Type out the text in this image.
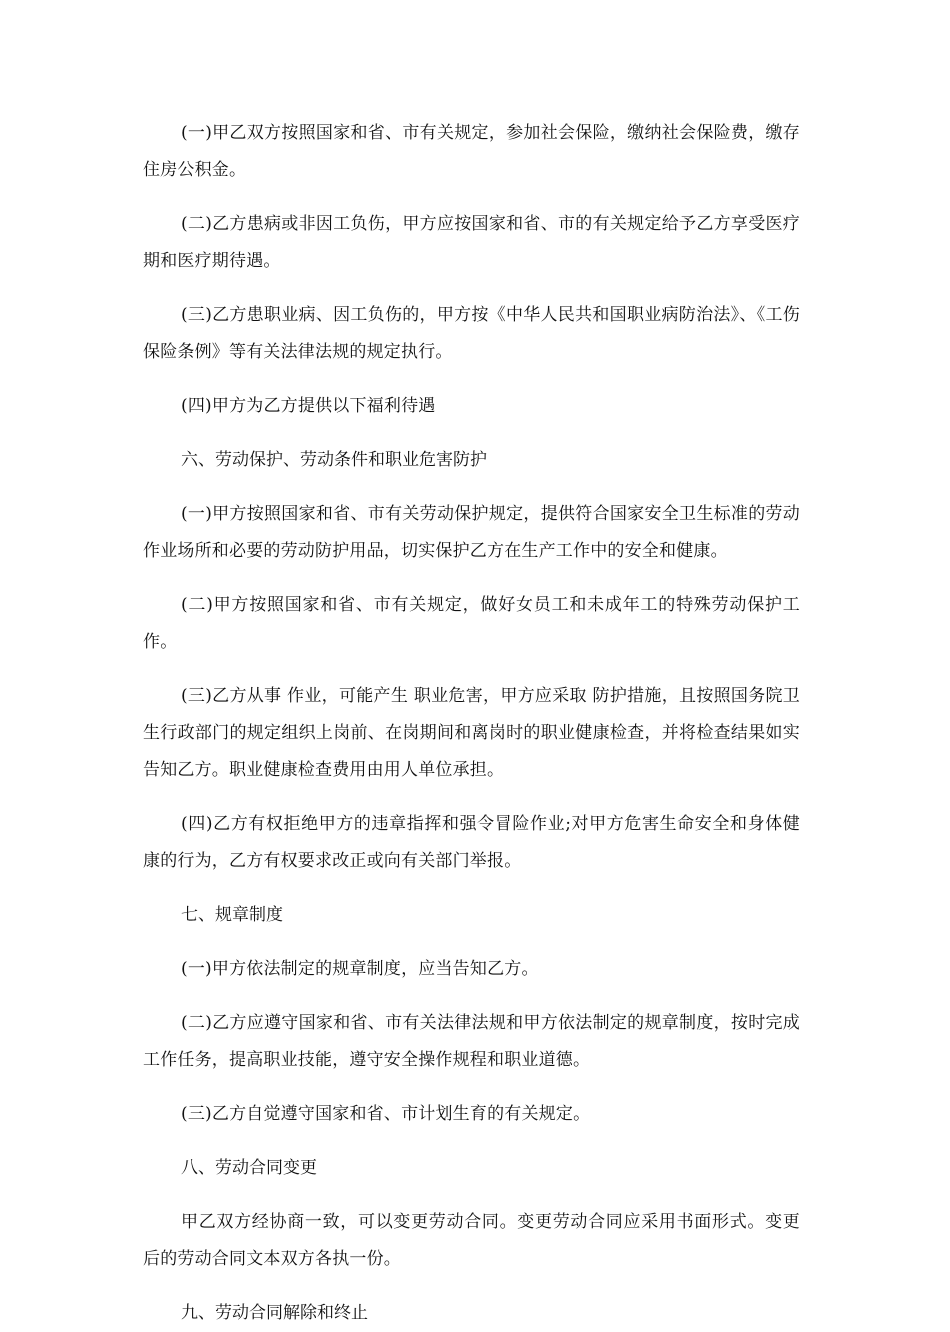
(一)甲乙双方按照国家和省、市有关规定，参加社会保险，缴纳社会保险费，缴存住房公积金。

(二)乙方患病或非因工负伤，甲方应按国家和省、市的有关规定给予乙方享受医疗期和医疗期待遇。

(三)乙方患职业病、因工负伤的，甲方按《中华人民共和国职业病防治法》、《工伤保险条例》等有关法律法规的规定执行。

(四)甲方为乙方提供以下福利待遇

六、劳动保护、劳动条件和职业危害防护

(一)甲方按照国家和省、市有关劳动保护规定，提供符合国家安全卫生标准的劳动作业场所和必要的劳动防护用品，切实保护乙方在生产工作中的安全和健康。

(二)甲方按照国家和省、市有关规定，做好女员工和未成年工的特殊劳动保护工作。

(三)乙方从事 作业，可能产生 职业危害，甲方应采取 防护措施，且按照国务院卫生行政部门的规定组织上岗前、在岗期间和离岗时的职业健康检查，并将检查结果如实告知乙方。职业健康检查费用由用人单位承担。

(四)乙方有权拒绝甲方的违章指挥和强令冒险作业;对甲方危害生命安全和身体健康的行为，乙方有权要求改正或向有关部门举报。

七、规章制度

(一)甲方依法制定的规章制度，应当告知乙方。

(二)乙方应遵守国家和省、市有关法律法规和甲方依法制定的规章制度，按时完成工作任务，提高职业技能，遵守安全操作规程和职业道德。

(三)乙方自觉遵守国家和省、市计划生育的有关规定。

八、劳动合同变更

甲乙双方经协商一致，可以变更劳动合同。变更劳动合同应采用书面形式。变更后的劳动合同文本双方各执一份。

九、劳动合同解除和终止
